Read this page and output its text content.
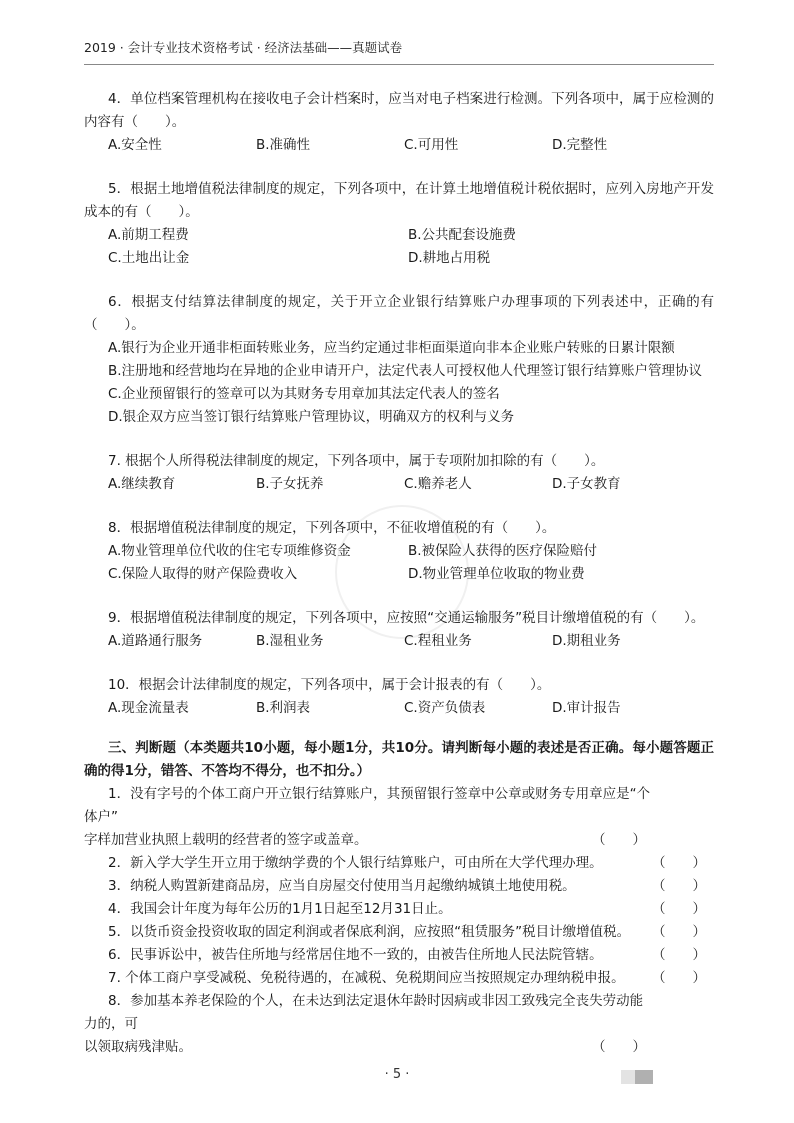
2019 · 会计专业技术资格考试 · 经济法基础——真题试卷
4．单位档案管理机构在接收电子会计档案时，应当对电子档案进行检测。下列各项中，属于应检测的内容有（　　）。
A.安全性	B.准确性	C.可用性	D.完整性
5．根据土地增值税法律制度的规定，下列各项中，在计算土地增值税计税依据时，应列入房地产开发成本的有（　　）。
A.前期工程费	B.公共配套设施费
C.土地出让金	D.耕地占用税
6．根据支付结算法律制度的规定，关于开立企业银行结算账户办理事项的下列表述中，正确的有（　　）。
A.银行为企业开通非柜面转账业务，应当约定通过非柜面渠道向非本企业账户转账的日累计限额
B.注册地和经营地均在异地的企业申请开户，法定代表人可授权他人代理签订银行结算账户管理协议
C.企业预留银行的签章可以为其财务专用章加其法定代表人的签名
D.银企双方应当签订银行结算账户管理协议，明确双方的权利与义务
7. 根据个人所得税法律制度的规定，下列各项中，属于专项附加扣除的有（　　）。
A.继续教育	B.子女抚养	C.赡养老人	D.子女教育
8．根据增值税法律制度的规定，下列各项中，不征收增值税的有（　　）。
A.物业管理单位代收的住宅专项维修资金	B.被保险人获得的医疗保险赔付
C.保险人取得的财产保险费收入	D.物业管理单位收取的物业费
9．根据增值税法律制度的规定，下列各项中，应按照“交通运输服务”税目计缴增值税的有（　　）。
A.道路通行服务	B.湿租业务	C.程租业务	D.期租业务
10．根据会计法律制度的规定，下列各项中，属于会计报表的有（　　）。
A.现金流量表	B.利润表	C.资产负债表	D.审计报告
三、判断题（本类题共10小题，每小题1分，共10分。请判断每小题的表述是否正确。每小题答题正确的得1分，错答、不答均不得分，也不扣分。）
1．没有字号的个体工商户开立银行结算账户，其预留银行签章中公章或财务专用章应是“个体户”
字样加营业执照上载明的经营者的签字或盖章。	（　　）
2．新入学大学生开立用于缴纳学费的个人银行结算账户，可由所在大学代理办理。	（　　）
3．纳税人购置新建商品房，应当自房屋交付使用当月起缴纳城镇土地使用税。	（　　）
4．我国会计年度为每年公历的1月1日起至12月31日止。	（　　）
5．以货币资金投资收取的固定利润或者保底利润，应按照“租赁服务”税目计缴增值税。 （　　）
6．民事诉讼中，被告住所地与经常居住地不一致的，由被告住所地人民法院管辖。	（　　）
7. 个体工商户享受减税、免税待遇的，在减税、免税期间应当按照规定办理纳税申报。 （　　）
8．参加基本养老保险的个人，在未达到法定退休年龄时因病或非因工致残完全丧失劳动能力的，可
以领取病残津贴。	（　　）
· 5 ·
